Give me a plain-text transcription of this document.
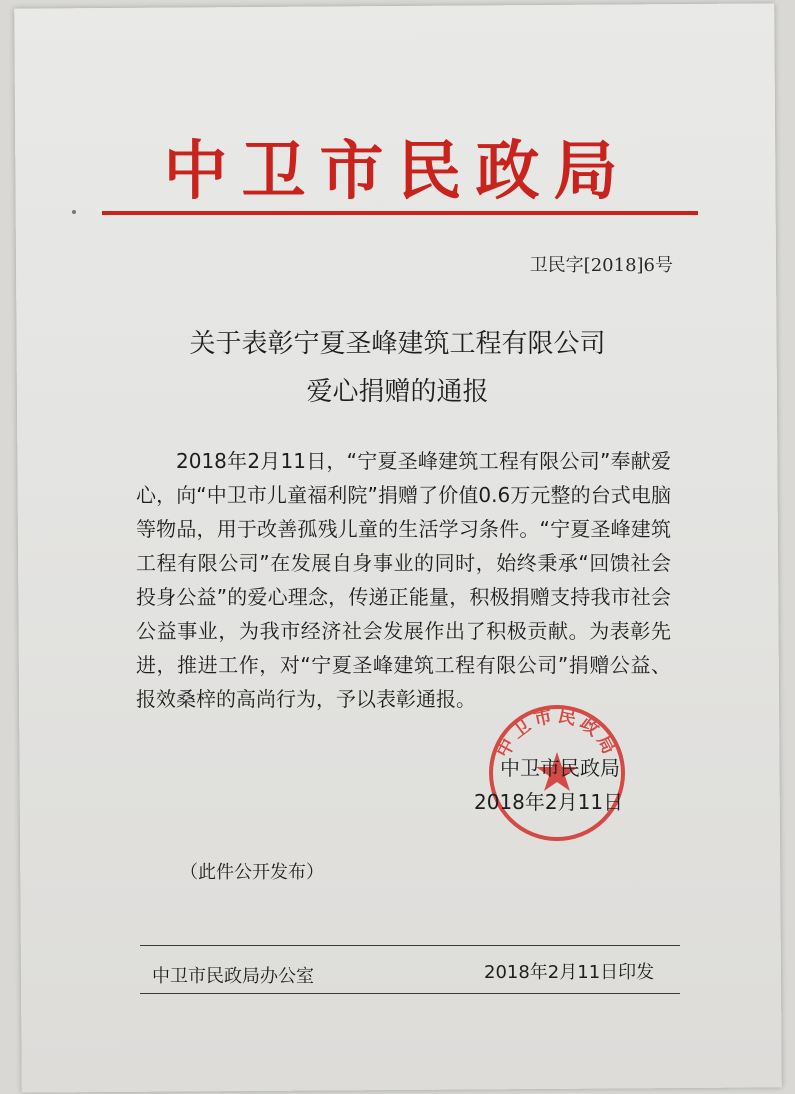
中卫市民政局
卫民字[2018]6号
关于表彰宁夏圣峰建筑工程有限公司
爱心捐赠的通报
2018年2月11日，“宁夏圣峰建筑工程有限公司”奉献爱心，向“中卫市儿童福利院”捐赠了价值0.6万元整的台式电脑等物品，用于改善孤残儿童的生活学习条件。“宁夏圣峰建筑工程有限公司”在发展自身事业的同时，始终秉承“回馈社会 投身公益”的爱心理念，传递正能量，积极捐赠支持我市社会公益事业，为我市经济社会发展作出了积极贡献。为表彰先进，推进工作，对“宁夏圣峰建筑工程有限公司”捐赠公益、报效桑梓的高尚行为，予以表彰通报。
中卫市民政局
中卫市民政局
2018年2月11日
（此件公开发布）
中卫市民政局办公室	2018年2月11日印发
